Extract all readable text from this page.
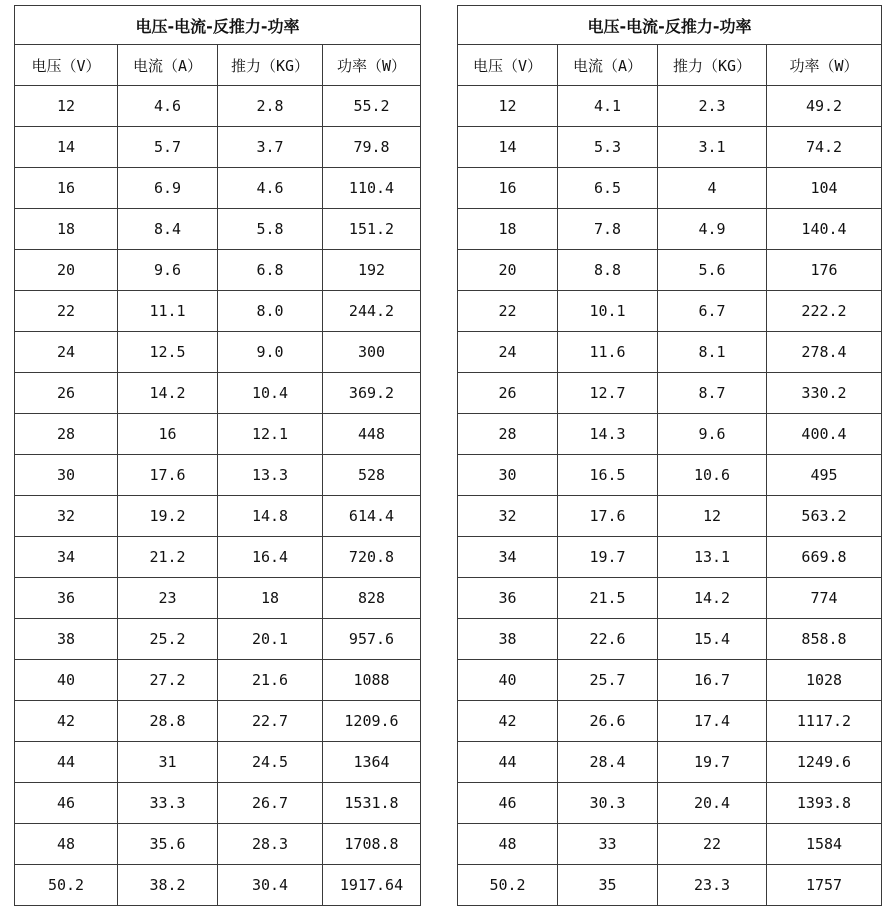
电压-电流-反推力-功率			
电压（V）	电流（A）	推力（KG）	功率（W）
12	4.6	2.8	55.2
14	5.7	3.7	79.8
16	6.9	4.6	110.4
18	8.4	5.8	151.2
20	9.6	6.8	192
22	11.1	8.0	244.2
24	12.5	9.0	300
26	14.2	10.4	369.2
28	16	12.1	448
30	17.6	13.3	528
32	19.2	14.8	614.4
34	21.2	16.4	720.8
36	23	18	828
38	25.2	20.1	957.6
40	27.2	21.6	1088
42	28.8	22.7	1209.6
44	31	24.5	1364
46	33.3	26.7	1531.8
48	35.6	28.3	1708.8
50.2	38.2	30.4	1917.64
电压-电流-反推力-功率			
电压（V）	电流（A）	推力（KG）	功率（W）
12	4.1	2.3	49.2
14	5.3	3.1	74.2
16	6.5	4	104
18	7.8	4.9	140.4
20	8.8	5.6	176
22	10.1	6.7	222.2
24	11.6	8.1	278.4
26	12.7	8.7	330.2
28	14.3	9.6	400.4
30	16.5	10.6	495
32	17.6	12	563.2
34	19.7	13.1	669.8
36	21.5	14.2	774
38	22.6	15.4	858.8
40	25.7	16.7	1028
42	26.6	17.4	1117.2
44	28.4	19.7	1249.6
46	30.3	20.4	1393.8
48	33	22	1584
50.2	35	23.3	1757
